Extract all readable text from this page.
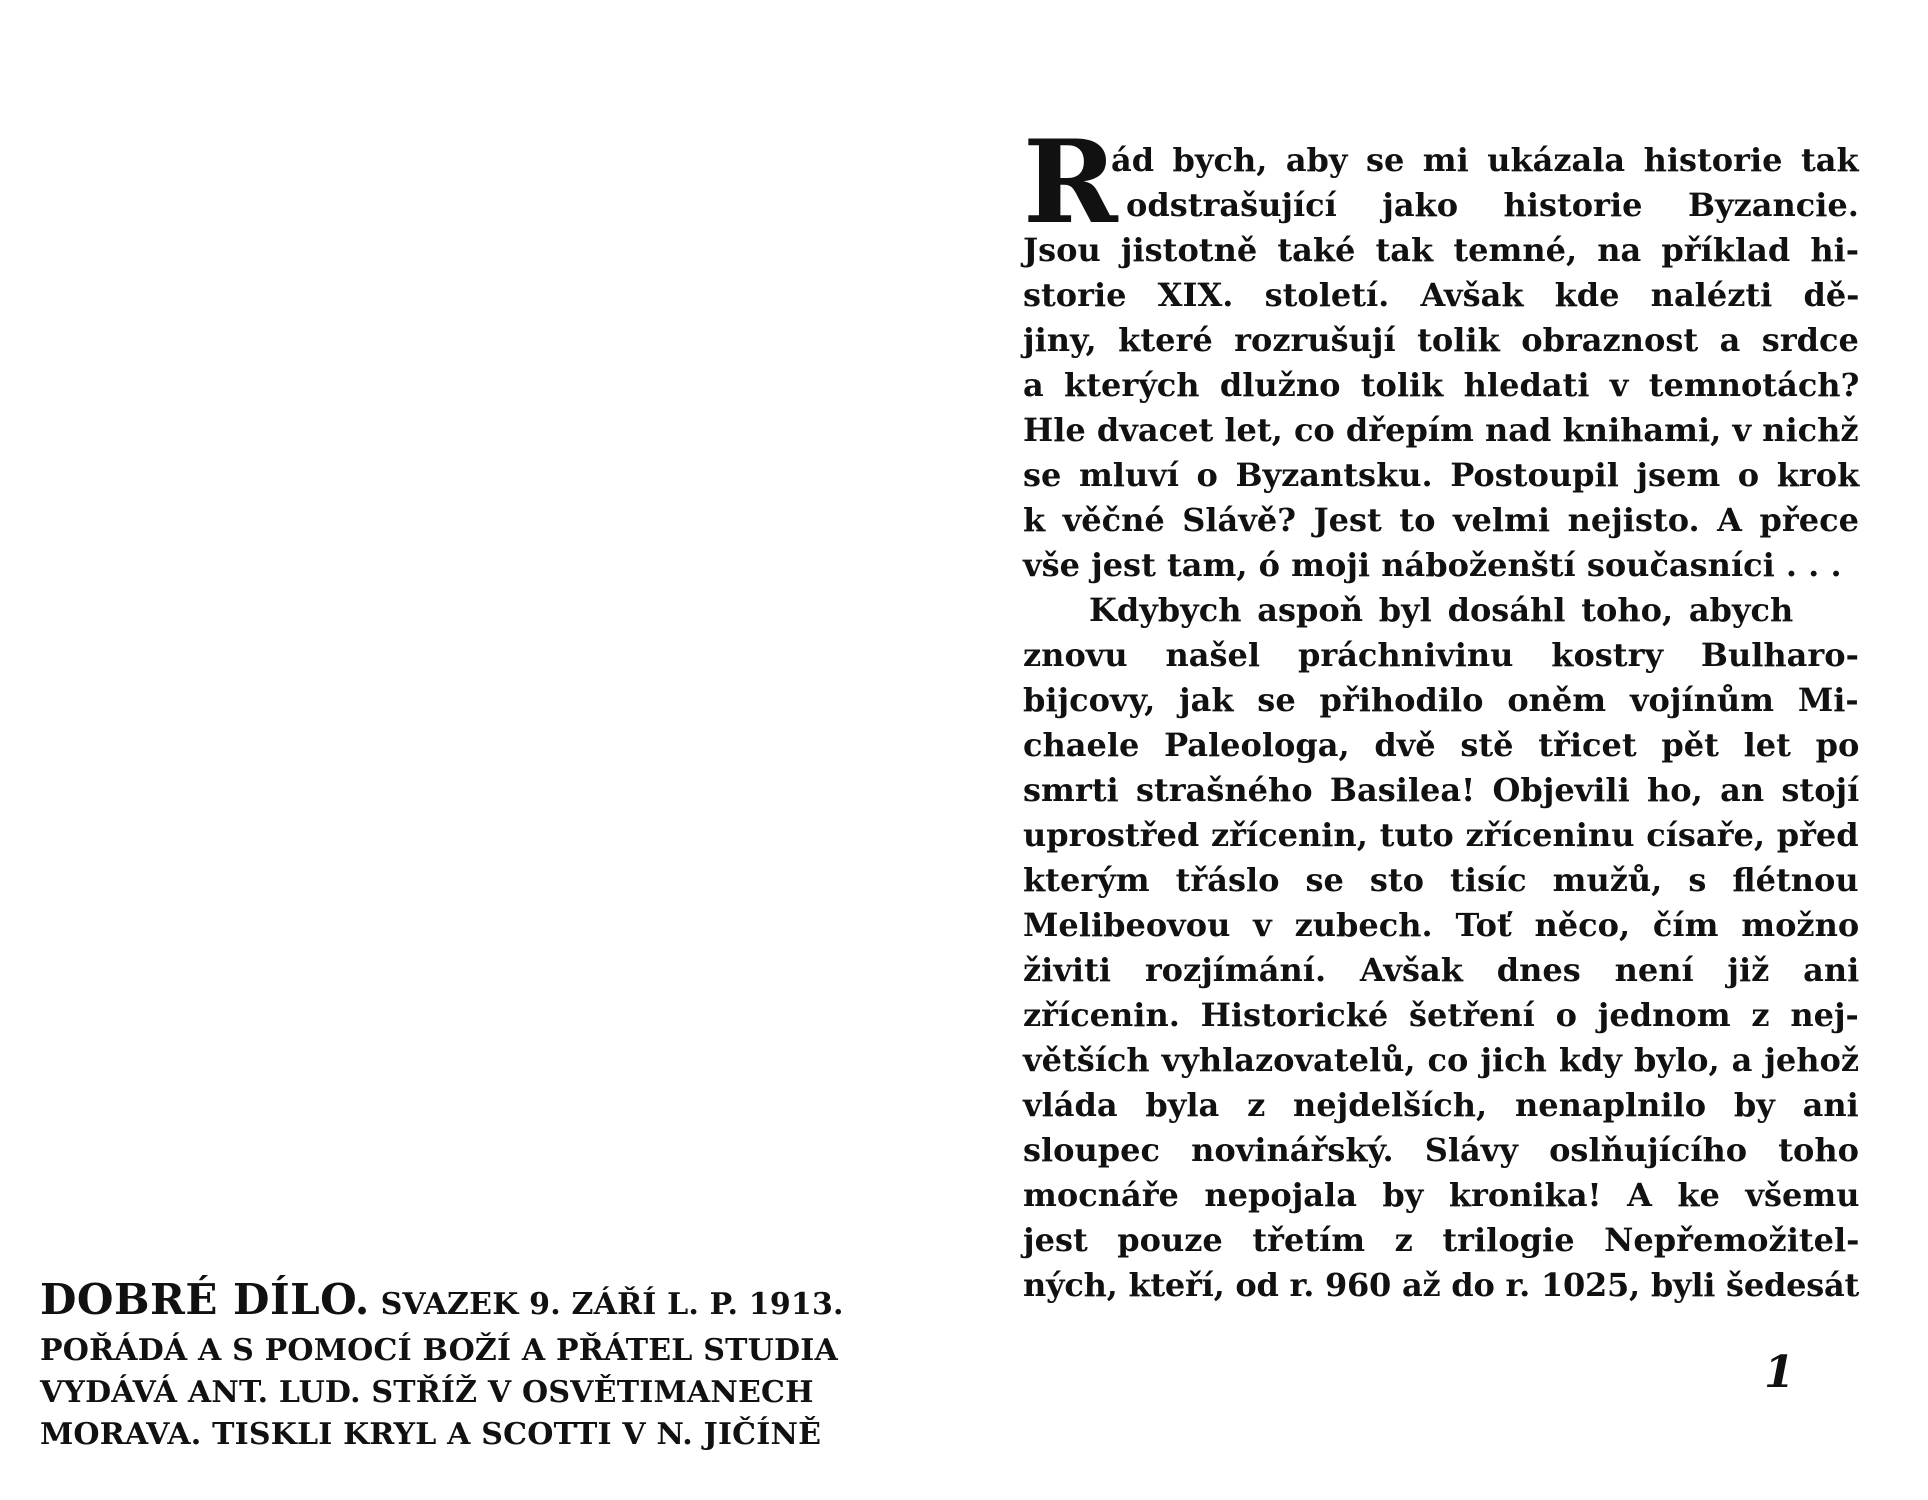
DOBRÉ DÍLO. SVAZEK 9. ZÁŘÍ L. P. 1913.
POŘÁDÁ A S POMOCÍ BOŽÍ A PŘÁTEL STUDIA
VYDÁVÁ ANT. LUD. STŘÍŽ V OSVĚTIMANECH
MORAVA. TISKLI KRYL A SCOTTI V N. JIČÍNĚ
R
ád bych, aby se mi ukázala historie tak
odstrašující jako historie Byzancie.
Jsou jistotně také tak temné, na příklad hi-
storie XIX. století. Avšak kde nalézti dě-
jiny, které rozrušují tolik obraznost a srdce
a kterých dlužno tolik hledati v temnotách?
Hle dvacet let, co dřepím nad knihami, v nichž
se mluví o Byzantsku. Postoupil jsem o krok
k věčné Slávě? Jest to velmi nejisto. A přece
vše jest tam, ó moji náboženští současníci . . .
Kdybych aspoň byl dosáhl toho, abych
znovu našel práchnivinu kostry Bulharo-
bijcovy, jak se přihodilo oněm vojínům Mi-
chaele Paleologa, dvě stě třicet pět let po
smrti strašného Basilea! Objevili ho, an stojí
uprostřed zřícenin, tuto zříceninu císaře, před
kterým třáslo se sto tisíc mužů, s flétnou
Melibeovou v zubech. Toť něco, čím možno
živiti rozjímání. Avšak dnes není již ani
zřícenin. Historické šetření o jednom z nej-
větších vyhlazovatelů, co jich kdy bylo, a jehož
vláda byla z nejdelších, nenaplnilo by ani
sloupec novinářský. Slávy oslňujícího toho
mocnáře nepojala by kronika! A ke všemu
jest pouze třetím z trilogie Nepřemožitel-
ných, kteří, od r. 960 až do r. 1025, byli šedesát
1
